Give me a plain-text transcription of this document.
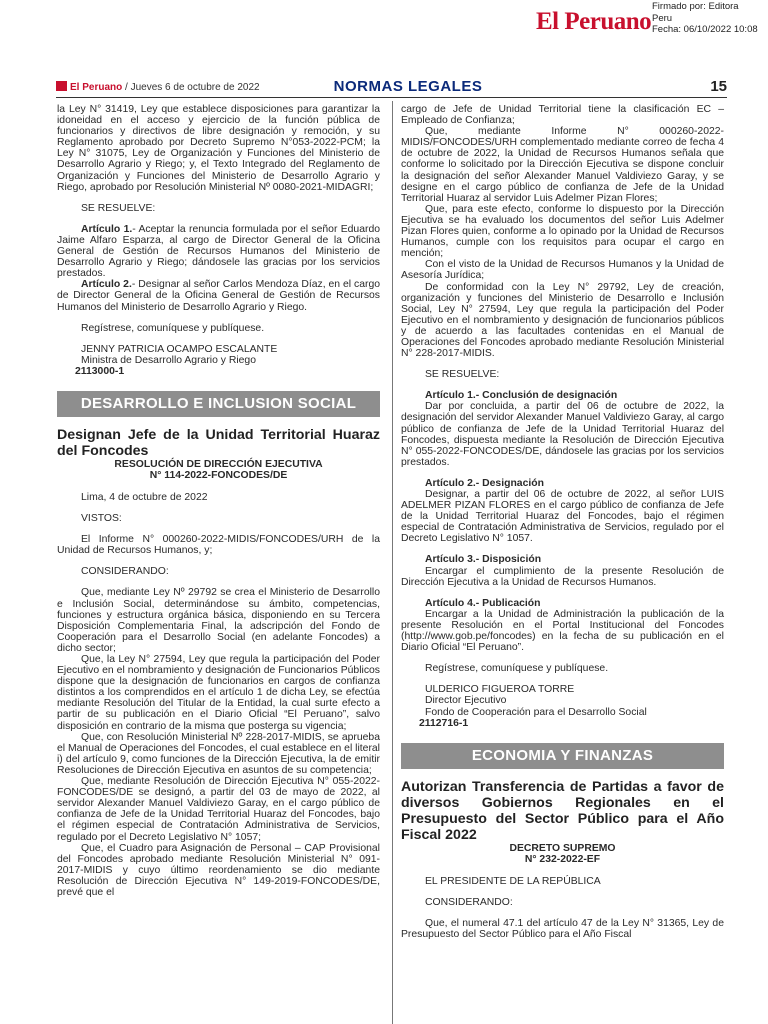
El Peruano
Firmado por: Editora
Peru
Fecha: 06/10/2022 10:08
El Peruano / Jueves 6 de octubre de 2022	NORMAS LEGALES	15

la Ley N° 31419, Ley que establece disposiciones para garantizar la idoneidad en el acceso y ejercicio de la función pública de funcionarios y directivos de libre designación y remoción, y su Reglamento aprobado por Decreto Supremo N°053-2022-PCM; la Ley N° 31075, Ley de Organización y Funciones del Ministerio de Desarrollo Agrario y Riego; y, el Texto Integrado del Reglamento de Organización y Funciones del Ministerio de Desarrollo Agrario y Riego, aprobado por Resolución Ministerial Nº 0080-2021-MIDAGRI;

SE RESUELVE:

Artículo 1.- Aceptar la renuncia formulada por el señor Eduardo Jaime Alfaro Esparza, al cargo de Director General de la Oficina General de Gestión de Recursos Humanos del Ministerio de Desarrollo Agrario y Riego; dándosele las gracias por los servicios prestados.

Artículo 2.- Designar al señor Carlos Mendoza Díaz, en el cargo de Director General de la Oficina General de Gestión de Recursos Humanos del Ministerio de Desarrollo Agrario y Riego.

Regístrese, comuníquese y publíquese.

JENNY PATRICIA OCAMPO ESCALANTE

Ministra de Desarrollo Agrario y Riego

2113000-1

DESARROLLO E INCLUSION SOCIAL

Designan Jefe de la Unidad Territorial Huaraz del Foncodes

RESOLUCIÓN DE DIRECCIÓN EJECUTIVA
N° 114-2022-FONCODES/DE

Lima, 4 de octubre de 2022

VISTOS:

El Informe N° 000260-2022-MIDIS/FONCODES/URH de la Unidad de Recursos Humanos, y;

CONSIDERANDO:

Que, mediante Ley Nº 29792 se crea el Ministerio de Desarrollo e Inclusión Social, determinándose su ámbito, competencias, funciones y estructura orgánica básica, disponiendo en su Tercera Disposición Complementaria Final, la adscripción del Fondo de Cooperación para el Desarrollo Social (en adelante Foncodes) a dicho sector;

Que, la Ley N° 27594, Ley que regula la participación del Poder Ejecutivo en el nombramiento y designación de Funcionarios Públicos dispone que la designación de funcionarios en cargos de confianza distintos a los comprendidos en el artículo 1 de dicha Ley, se efectúa mediante Resolución del Titular de la Entidad, la cual surte efecto a partir de su publicación en el Diario Oficial “El Peruano”, salvo disposición en contrario de la misma que posterga su vigencia;

Que, con Resolución Ministerial Nº 228-2017-MIDIS, se aprueba el Manual de Operaciones del Foncodes, el cual establece en el literal i) del artículo 9, como funciones de la Dirección Ejecutiva, la de emitir Resoluciones de Dirección Ejecutiva en asuntos de su competencia;

Que, mediante Resolución de Dirección Ejecutiva N° 055-2022-FONCODES/DE se designó, a partir del 03 de mayo de 2022, al servidor Alexander Manuel Valdiviezo Garay, en el cargo público de confianza de Jefe de la Unidad Territorial Huaraz del Foncodes, bajo el régimen especial de Contratación Administrativa de Servicios, regulado por el Decreto Legislativo N° 1057;

Que, el Cuadro para Asignación de Personal – CAP Provisional del Foncodes aprobado mediante Resolución Ministerial N° 091-2017-MIDIS y cuyo último reordenamiento se dio mediante Resolución de Dirección Ejecutiva N° 149-2019-FONCODES/DE, prevé que el

cargo de Jefe de Unidad Territorial tiene la clasificación EC – Empleado de Confianza;

Que, mediante Informe N° 000260-2022-MIDIS/FONCODES/URH complementado mediante correo de fecha 4 de octubre de 2022, la Unidad de Recursos Humanos señala que conforme lo solicitado por la Dirección Ejecutiva se dispone concluir la designación del señor Alexander Manuel Valdiviezo Garay, y se designe en el cargo público de confianza de Jefe de la Unidad Territorial Huaraz al servidor Luis Adelmer Pizan Flores;

Que, para este efecto, conforme lo dispuesto por la Dirección Ejecutiva se ha evaluado los documentos del señor Luis Adelmer Pizan Flores quien, conforme a lo opinado por la Unidad de Recursos Humanos, cumple con los requisitos para ocupar el cargo en mención;

Con el visto de la Unidad de Recursos Humanos y la Unidad de Asesoría Jurídica;

De conformidad con la Ley N° 29792, Ley de creación, organización y funciones del Ministerio de Desarrollo e Inclusión Social, Ley N° 27594, Ley que regula la participación del Poder Ejecutivo en el nombramiento y designación de funcionarios públicos y de acuerdo a las facultades contenidas en el Manual de Operaciones del Foncodes aprobado mediante Resolución Ministerial N° 228-2017-MIDIS.

SE RESUELVE:

Artículo 1.- Conclusión de designación

Dar por concluida, a partir del 06 de octubre de 2022, la designación del servidor Alexander Manuel Valdiviezo Garay, al cargo público de confianza de Jefe de la Unidad Territorial Huaraz del Foncodes, dispuesta mediante la Resolución de Dirección Ejecutiva N° 055-2022-FONCODES/DE, dándosele las gracias por los servicios prestados.

Artículo 2.- Designación

Designar, a partir del 06 de octubre de 2022, al señor LUIS ADELMER PIZAN FLORES en el cargo público de confianza de Jefe de la Unidad Territorial Huaraz del Foncodes, bajo el régimen especial de Contratación Administrativa de Servicios, regulado por el Decreto Legislativo N° 1057.

Artículo 3.- Disposición

Encargar el cumplimiento de la presente Resolución de Dirección Ejecutiva a la Unidad de Recursos Humanos.

Artículo 4.- Publicación

Encargar a la Unidad de Administración la publicación de la presente Resolución en el Portal Institucional del Foncodes (http://www.gob.pe/foncodes) en la fecha de su publicación en el Diario Oficial “El Peruano”.

Regístrese, comuníquese y publíquese.

ULDERICO FIGUEROA TORRE

Director Ejecutivo

Fondo de Cooperación para el Desarrollo Social

2112716-1

ECONOMIA Y FINANZAS

Autorizan Transferencia de Partidas a favor de diversos Gobiernos Regionales en el Presupuesto del Sector Público para el Año Fiscal 2022

DECRETO SUPREMO
N° 232-2022-EF

EL PRESIDENTE DE LA REPÚBLICA

CONSIDERANDO:

Que, el numeral 47.1 del artículo 47 de la Ley N° 31365, Ley de Presupuesto del Sector Público para el Año Fiscal
